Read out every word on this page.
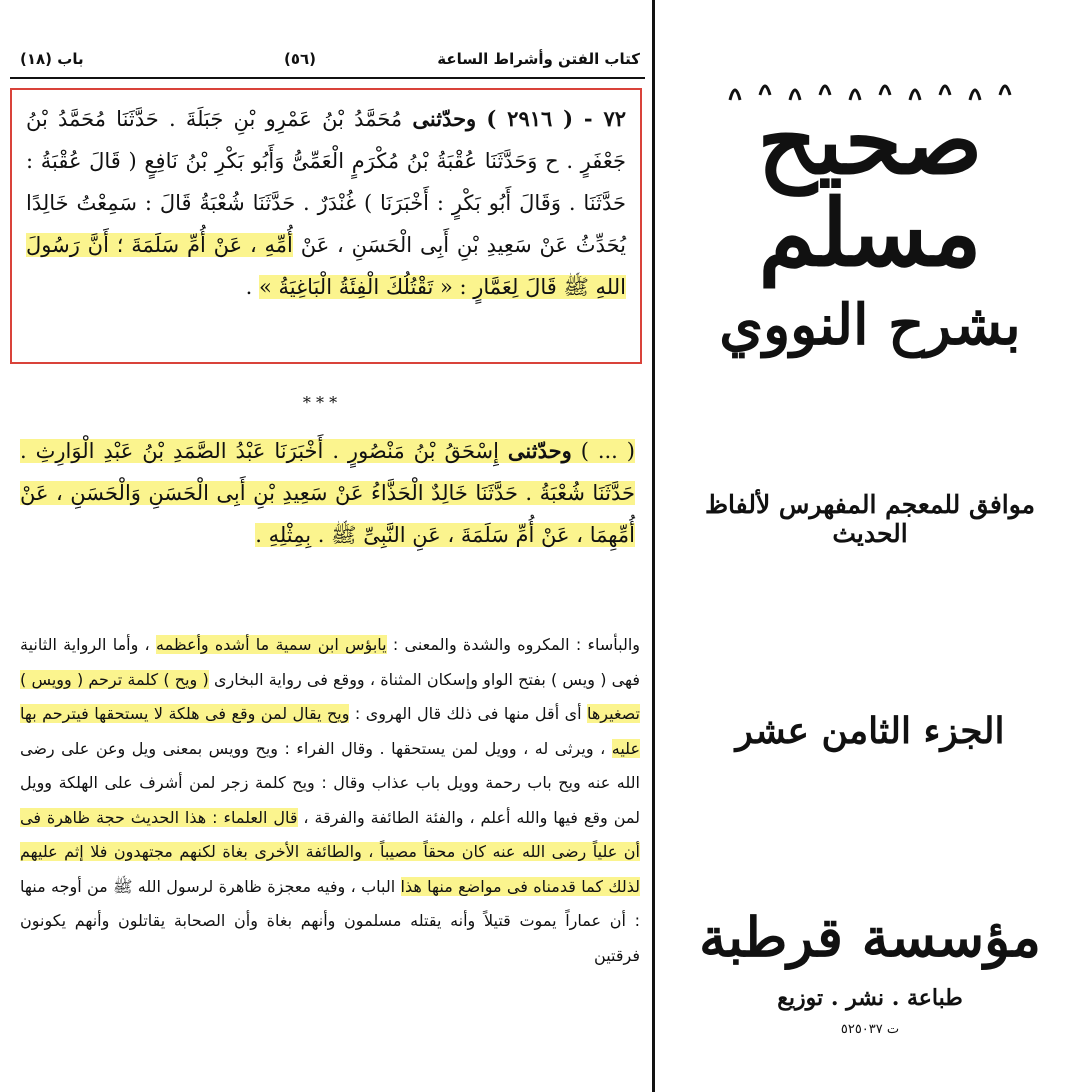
كتاب الفتن وأشراط الساعة
(٥٦)
باب (١٨)

٧٢ - ( ٢٩١٦ ) وحدّثنى مُحَمَّدُ بْنُ عَمْرِو بْنِ جَبَلَةَ . حَدَّثَنَا مُحَمَّدُ بْنُ جَعْفَرٍ . ح وَحَدَّثَنَا عُقْبَةُ بْنُ مُكْرَمٍ الْعَمِّىُّ وَأَبُو بَكْرِ بْنُ نَافِعٍ ( قَالَ عُقْبَةُ : حَدَّثَنَا . وَقَالَ أَبُو بَكْرٍ : أَخْبَرَنَا ) غُنْدَرٌ . حَدَّثَنَا شُعْبَةُ قَالَ : سَمِعْتُ خَالِدًا يُحَدِّثُ عَنْ سَعِيدِ بْنِ أَبِى الْحَسَنِ ، عَنْ أُمِّهِ ، عَنْ أُمِّ سَلَمَةَ ؛ أَنَّ رَسُولَ اللهِ ﷺ قَالَ لِعَمَّارٍ : « تَقْتُلُكَ الْفِئَةُ الْبَاغِيَةُ » .

* * *

( ... ) وحدّثنى إِسْحَقُ بْنُ مَنْصُورٍ . أَخْبَرَنَا عَبْدُ الصَّمَدِ بْنُ عَبْدِ الْوَارِثِ . حَدَّثَنَا شُعْبَةُ . حَدَّثَنَا خَالِدٌ الْحَذَّاءُ عَنْ سَعِيدِ بْنِ أَبِى الْحَسَنِ وَالْحَسَنِ ، عَنْ أُمِّهِمَا ، عَنْ أُمِّ سَلَمَةَ ، عَنِ النَّبِىِّ ﷺ . بِمِثْلِهِ .

والبأساء : المكروه والشدة والمعنى : يابؤس ابن سمية ما أشده وأعظمه ، وأما الرواية الثانية فهى ( ويس ) بفتح الواو وإسكان المثناة ، ووقع فى رواية البخارى ( ويح ) كلمة ترحم ( وويس ) تصغيرها أى أقل منها فى ذلك قال الهروى : ويح يقال لمن وقع فى هلكة لا يستحقها فيترحم بها عليه ، ويرثى له ، وويل لمن يستحقها . وقال الفراء : ويح وويس بمعنى ويل وعن على رضى الله عنه ويح باب رحمة وويل باب عذاب وقال : ويح كلمة زجر لمن أشرف على الهلكة وويل لمن وقع فيها والله أعلم ، والفئة الطائفة والفرقة ، قال العلماء : هذا الحديث حجة ظاهرة فى أن علياً رضى الله عنه كان محقاً مصيباً ، والطائفة الأخرى بغاة لكنهم مجتهدون فلا إثم عليهم لذلك كما قدمناه فى مواضع منها هذا الباب ، وفيه معجزة ظاهرة لرسول الله ﷺ من أوجه منها : أن عماراً يموت قتيلاً وأنه يقتله مسلمون وأنهم بغاة وأن الصحابة يقاتلون وأنهم يكونون فرقتين

صحيح مسلم
بشرح النووي
موافق للمعجم المفهرس لألفاظ الحديث
الجزء الثامن عشر
مؤسسة قرطبة
طباعة . نشر . توزيع
ت ٥٢٥٠٣٧
